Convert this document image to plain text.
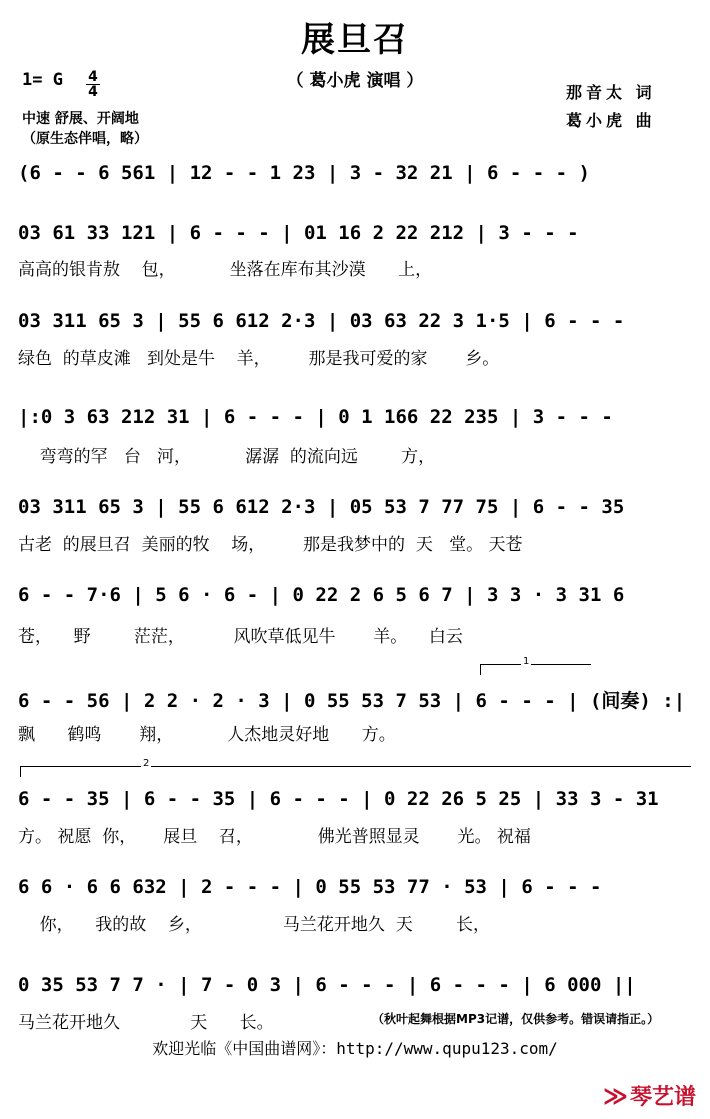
展旦召
（ 葛小虎 演唱 ）
1= G 4
4
中速 舒展、开阔地
（原生态伴唱，略）
那音太 词
葛小虎 曲
(6 - - 6 561 | 12 - - 1 23 | 3 - 32 21 | 6 - - - )
03 61 33 121 | 6 - - - | 01 16 2 22 212 | 3 - - -
高高的银肯敖    包，          坐落在库布其沙漠      上，
03 311 65 3 | 55 6 612 2·3 | 03 63 22 3 1·5 | 6 - - -
绿色  的草皮滩   到处是牛    羊，       那是我可爱的家       乡。
|:0 3 63 212 31 | 6 - - - | 0 1 166 22 235 | 3 - - -
弯弯的罕   台   河，          潺潺  的流向远        方，
03 311 65 3 | 55 6 612 2·3 | 05 53 7 77 75 | 6 - - 35
古老  的展旦召  美丽的牧    场，       那是我梦中的  天   堂。 天苍
6 - - 7·6 | 5 6 · 6 - | 0 22 2 6 5 6 7 | 3 3 · 3 31 6
苍，    野        茫茫，         风吹草低见牛       羊。    白云
1
6 - - 56 | 2 2 · 2 · 3 | 0 55 53 7 53 | 6 - - - | (间奏) :|
飘      鹤鸣       翔，          人杰地灵好地      方。
2
6 - - 35 | 6 - - 35 | 6 - - - | 0 22 26 5 25 | 33 3 - 31
方。 祝愿  你，     展旦    召，            佛光普照显灵       光。 祝福
6 6 · 6 6 632 | 2 - - - | 0 55 53 77 · 53 | 6 - - -
你，    我的故    乡，               马兰花开地久  天        长，
0 35 53 7 7 · | 7 - 0 3 | 6 - - - | 6 - - - | 6 000 ||
马兰花开地久             天      长。	（秋叶起舞根据MP3记谱，仅供参考。错误请指正。）
欢迎光临《中国曲谱网》：http://www.qupu123.com/
≫琴艺谱
